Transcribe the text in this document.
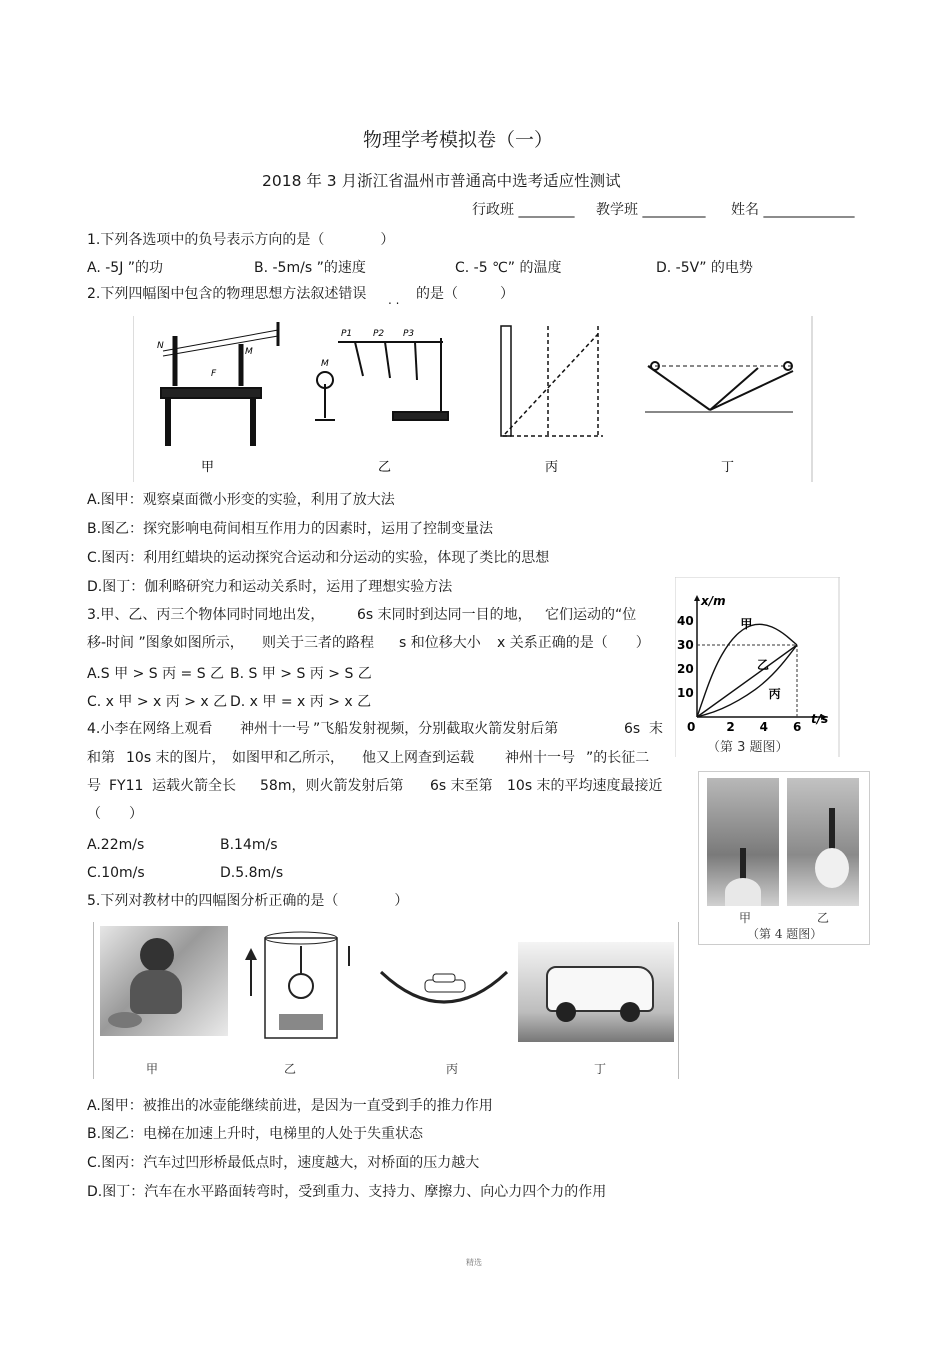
物理学考模拟卷（一）
2018 年 3 月浙江省温州市普通高中选考适应性测试
行政班 ________ 教学班 _________ 姓名 _____________
1.下列各选项中的负号表示方向的是（　　　　）
A. -5J ”的功	B. -5m/s ”的速度	C. -5 ℃” 的温度	D. -5V” 的电势
2.下列四幅图中包含的物理思想方法叙述错误 . . 的是（　　　）
N
M
F
P1 P2 P3
M
甲	乙	丙	丁
A.图甲：观察桌面微小形变的实验，利用了放大法
B.图乙：探究影响电荷间相互作用力的因素时，运用了控制变量法
C.图丙：利用红蜡块的运动探究合运动和分运动的实验，体现了类比的思想
D.图丁：伽利略研究力和运动关系时，运用了理想实验方法
3.甲、乙、丙三个物体同时同地出发， 6s 末同时到达同一目的地， 它们运动的“位
移-时间 ”图象如图所示， 则关于三者的路程 s 和位移大小 x 关系正确的是（　　）
A.S 甲 > S 丙 = S 乙 B. S 甲 > S 丙 > S 乙
C. x 甲 > x 丙 > x 乙 D. x 甲 = x 丙 > x 乙
0	2 4 6
10
20
30
40	甲
乙
丙
t/s
x/m
（第 3 题图）
4.小李在网络上观看 神州十一号 ”飞船发射视频，分别截取火箭发射后第	6s 末
和第 10s 末的图片， 如图甲和乙所示， 他又上网查到运载 神州十一号 ”的长征二
号 FY11 运载火箭全长 58m，则火箭发射后第 6s 末至第 10s 末的平均速度最接近
（　　）
A.22m/s	B.14m/s
C.10m/s	D.5.8m/s
甲	乙
（第 4 题图）
5.下列对教材中的四幅图分析正确的是（　　　　）
甲	乙	丙	丁
A.图甲：被推出的冰壶能继续前进，是因为一直受到手的推力作用
B.图乙：电梯在加速上升时，电梯里的人处于失重状态
C.图丙：汽车过凹形桥最低点时，速度越大，对桥面的压力越大
D.图丁：汽车在水平路面转弯时，受到重力、支持力、摩擦力、向心力四个力的作用
精选
